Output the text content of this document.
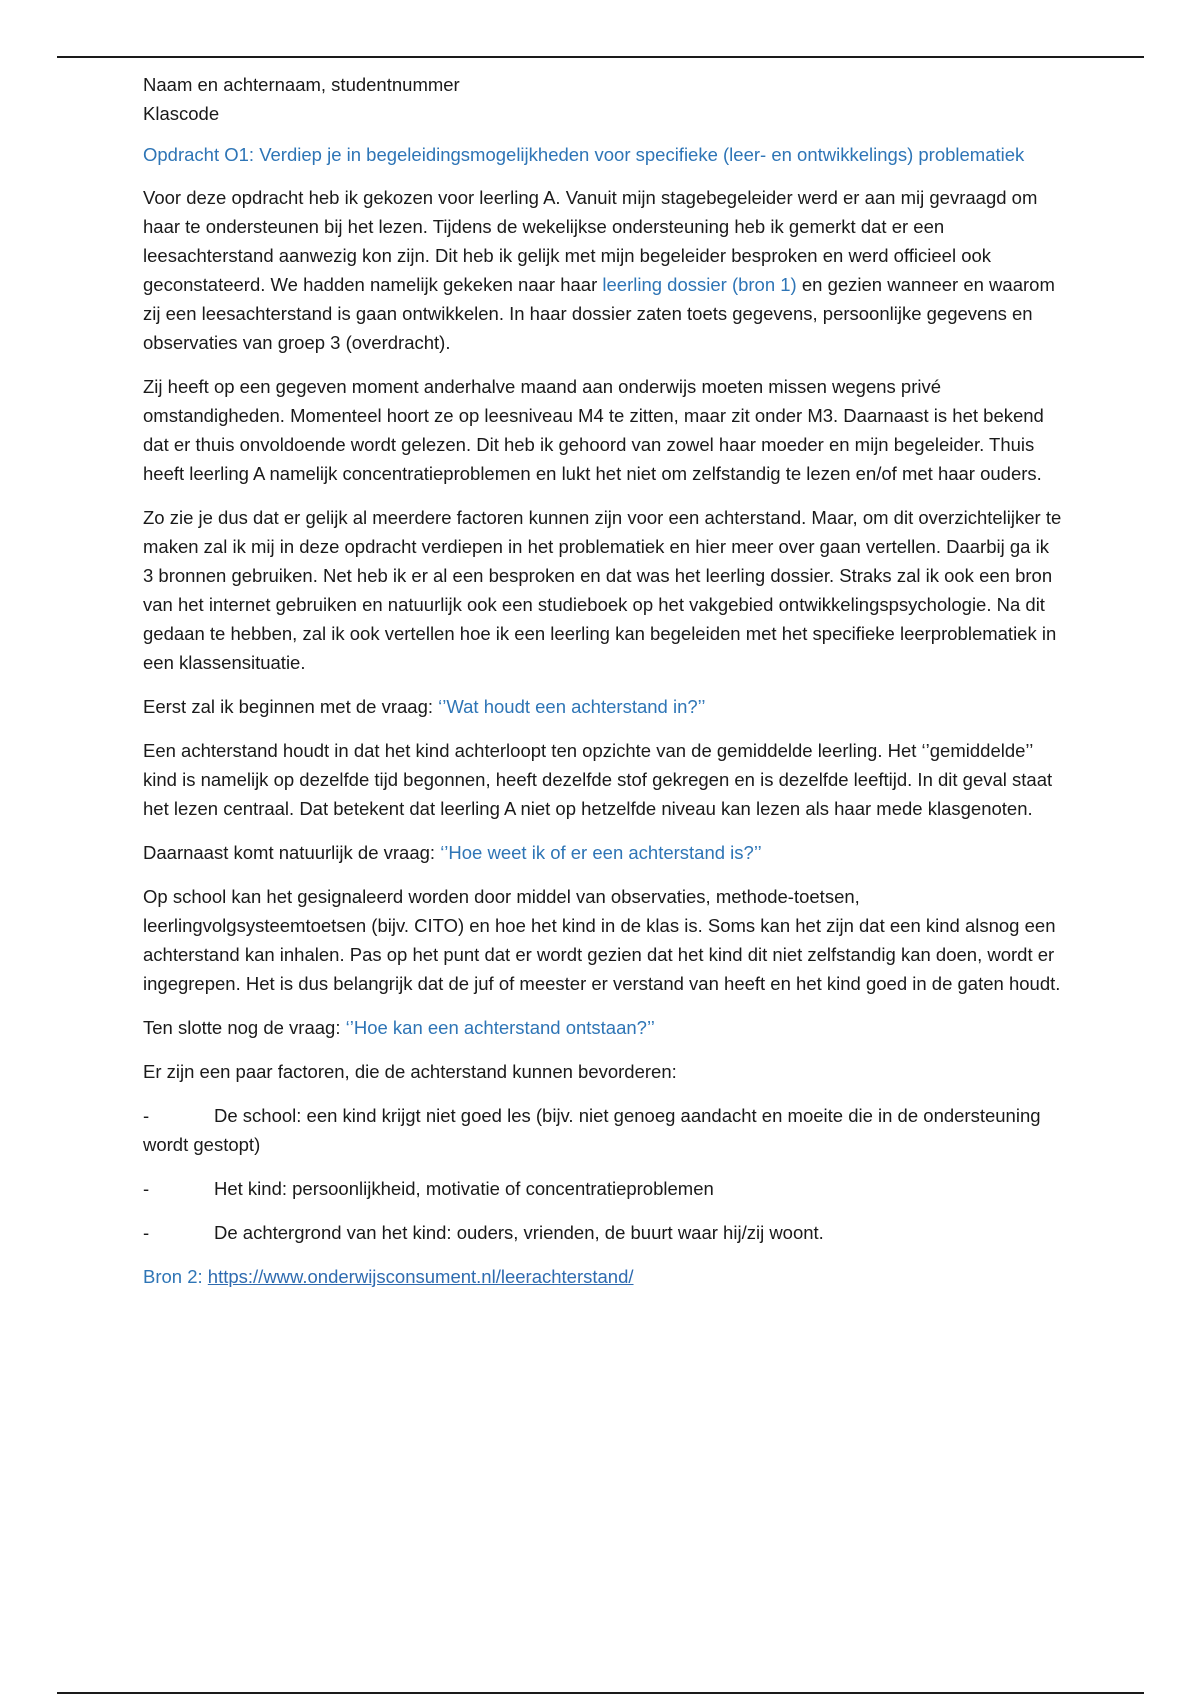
Naam en achternaam, studentnummer

Klascode

Opdracht O1: Verdiep je in begeleidingsmogelijkheden voor specifieke (leer- en ontwikkelings) problematiek

Voor deze opdracht heb ik gekozen voor leerling A. Vanuit mijn stagebegeleider werd er aan mij gevraagd om haar te ondersteunen bij het lezen. Tijdens de wekelijkse ondersteuning heb ik gemerkt dat er een leesachterstand aanwezig kon zijn. Dit heb ik gelijk met mijn begeleider besproken en werd officieel ook geconstateerd. We hadden namelijk gekeken naar haar leerling dossier (bron 1) en gezien wanneer en waarom zij een leesachterstand is gaan ontwikkelen. In haar dossier zaten toets gegevens, persoonlijke gegevens en observaties van groep 3 (overdracht).

Zij heeft op een gegeven moment anderhalve maand aan onderwijs moeten missen wegens privé omstandigheden. Momenteel hoort ze op leesniveau M4 te zitten, maar zit onder M3. Daarnaast is het bekend dat er thuis onvoldoende wordt gelezen. Dit heb ik gehoord van zowel haar moeder en mijn begeleider. Thuis heeft leerling A namelijk concentratieproblemen en lukt het niet om zelfstandig te lezen en/of met haar ouders.

Zo zie je dus dat er gelijk al meerdere factoren kunnen zijn voor een achterstand. Maar, om dit overzichtelijker te maken zal ik mij in deze opdracht verdiepen in het problematiek en hier meer over gaan vertellen. Daarbij ga ik 3 bronnen gebruiken. Net heb ik er al een besproken en dat was het leerling dossier. Straks zal ik ook een bron van het internet gebruiken en natuurlijk ook een studieboek op het vakgebied ontwikkelingspsychologie. Na dit gedaan te hebben, zal ik ook vertellen hoe ik een leerling kan begeleiden met het specifieke leerproblematiek in een klassensituatie.

Eerst zal ik beginnen met de vraag: ‘’Wat houdt een achterstand in?’’

Een achterstand houdt in dat het kind achterloopt ten opzichte van de gemiddelde leerling. Het ‘’gemiddelde’’ kind is namelijk op dezelfde tijd begonnen, heeft dezelfde stof gekregen en is dezelfde leeftijd. In dit geval staat het lezen centraal. Dat betekent dat leerling A niet op hetzelfde niveau kan lezen als haar mede klasgenoten.

Daarnaast komt natuurlijk de vraag: ‘’Hoe weet ik of er een achterstand is?’’

Op school kan het gesignaleerd worden door middel van observaties, methode-toetsen, leerlingvolgsysteemtoetsen (bijv. CITO) en hoe het kind in de klas is. Soms kan het zijn dat een kind alsnog een achterstand kan inhalen. Pas op het punt dat er wordt gezien dat het kind dit niet zelfstandig kan doen, wordt er ingegrepen. Het is dus belangrijk dat de juf of meester er verstand van heeft en het kind goed in de gaten houdt.

Ten slotte nog de vraag: ‘’Hoe kan een achterstand ontstaan?’’

Er zijn een paar factoren, die de achterstand kunnen bevorderen:

-	De school: een kind krijgt niet goed les (bijv. niet genoeg aandacht en moeite die in de ondersteuning wordt gestopt)
-	Het kind: persoonlijkheid, motivatie of concentratieproblemen
-	De achtergrond van het kind: ouders, vrienden, de buurt waar hij/zij woont.

Bron 2: https://www.onderwijsconsument.nl/leerachterstand/
